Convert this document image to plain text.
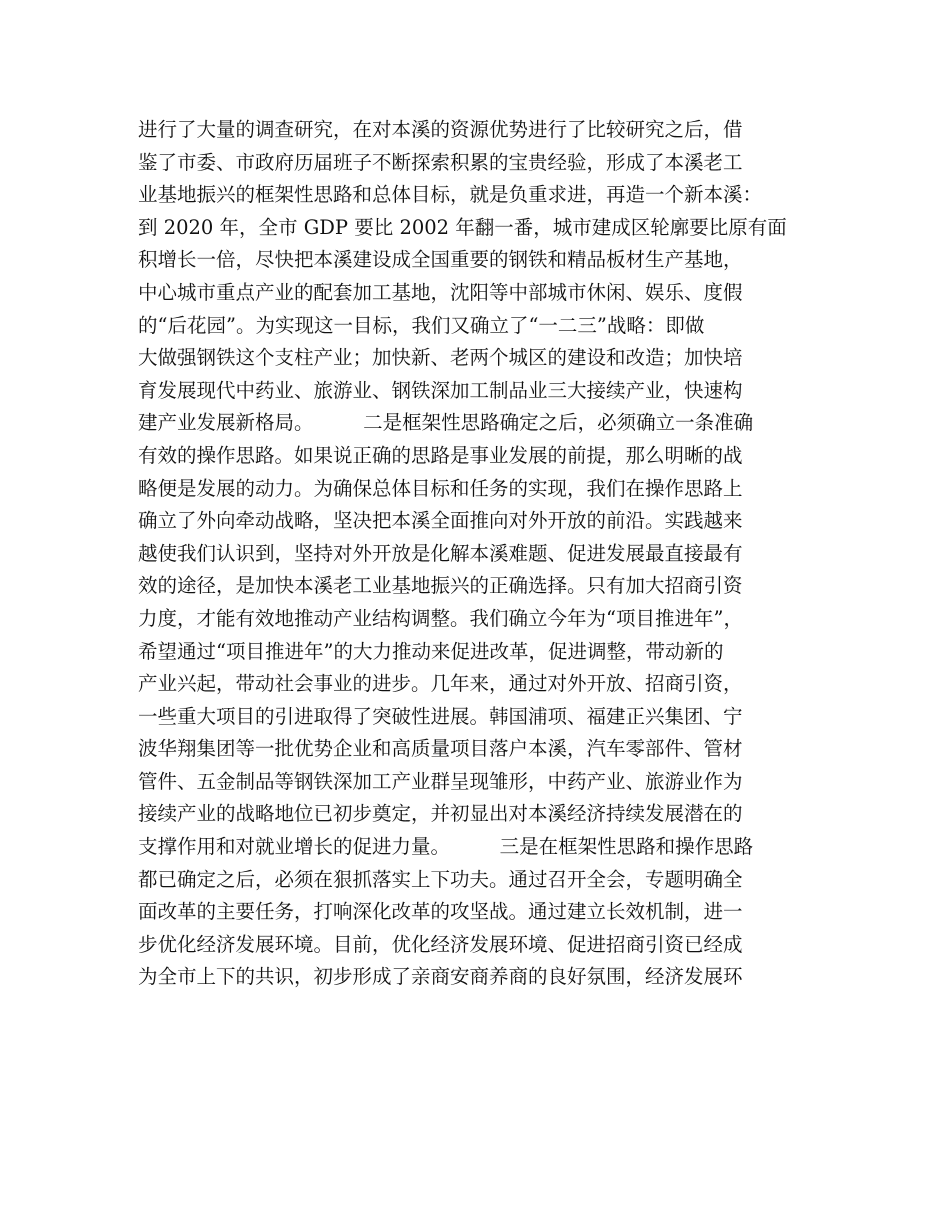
进行了大量的调查研究，在对本溪的资源优势进行了比较研究之后，借
鉴了市委、市政府历届班子不断探索积累的宝贵经验，形成了本溪老工
业基地振兴的框架性思路和总体目标，就是负重求进，再造一个新本溪：
到 2020 年，全市 GDP 要比 2002 年翻一番，城市建成区轮廓要比原有面
积增长一倍，尽快把本溪建设成全国重要的钢铁和精品板材生产基地，
中心城市重点产业的配套加工基地，沈阳等中部城市休闲、娱乐、度假
的“后花园”。为实现这一目标，我们又确立了“一二三”战略：即做
大做强钢铁这个支柱产业；加快新、老两个城区的建设和改造；加快培
育发展现代中药业、旅游业、钢铁深加工制品业三大接续产业，快速构
建产业发展新格局。        二是框架性思路确定之后，必须确立一条准确
有效的操作思路。如果说正确的思路是事业发展的前提，那么明晰的战
略便是发展的动力。为确保总体目标和任务的实现，我们在操作思路上
确立了外向牵动战略，坚决把本溪全面推向对外开放的前沿。实践越来
越使我们认识到，坚持对外开放是化解本溪难题、促进发展最直接最有
效的途径，是加快本溪老工业基地振兴的正确选择。只有加大招商引资
力度，才能有效地推动产业结构调整。我们确立今年为“项目推进年”，
希望通过“项目推进年”的大力推动来促进改革，促进调整，带动新的
产业兴起，带动社会事业的进步。几年来，通过对外开放、招商引资，
一些重大项目的引进取得了突破性进展。韩国浦项、福建正兴集团、宁
波华翔集团等一批优势企业和高质量项目落户本溪，汽车零部件、管材
管件、五金制品等钢铁深加工产业群呈现雏形，中药产业、旅游业作为
接续产业的战略地位已初步奠定，并初显出对本溪经济持续发展潜在的
支撑作用和对就业增长的促进力量。        三是在框架性思路和操作思路
都已确定之后，必须在狠抓落实上下功夫。通过召开全会，专题明确全
面改革的主要任务，打响深化改革的攻坚战。通过建立长效机制，进一
步优化经济发展环境。目前，优化经济发展环境、促进招商引资已经成
为全市上下的共识，初步形成了亲商安商养商的良好氛围，经济发展环
